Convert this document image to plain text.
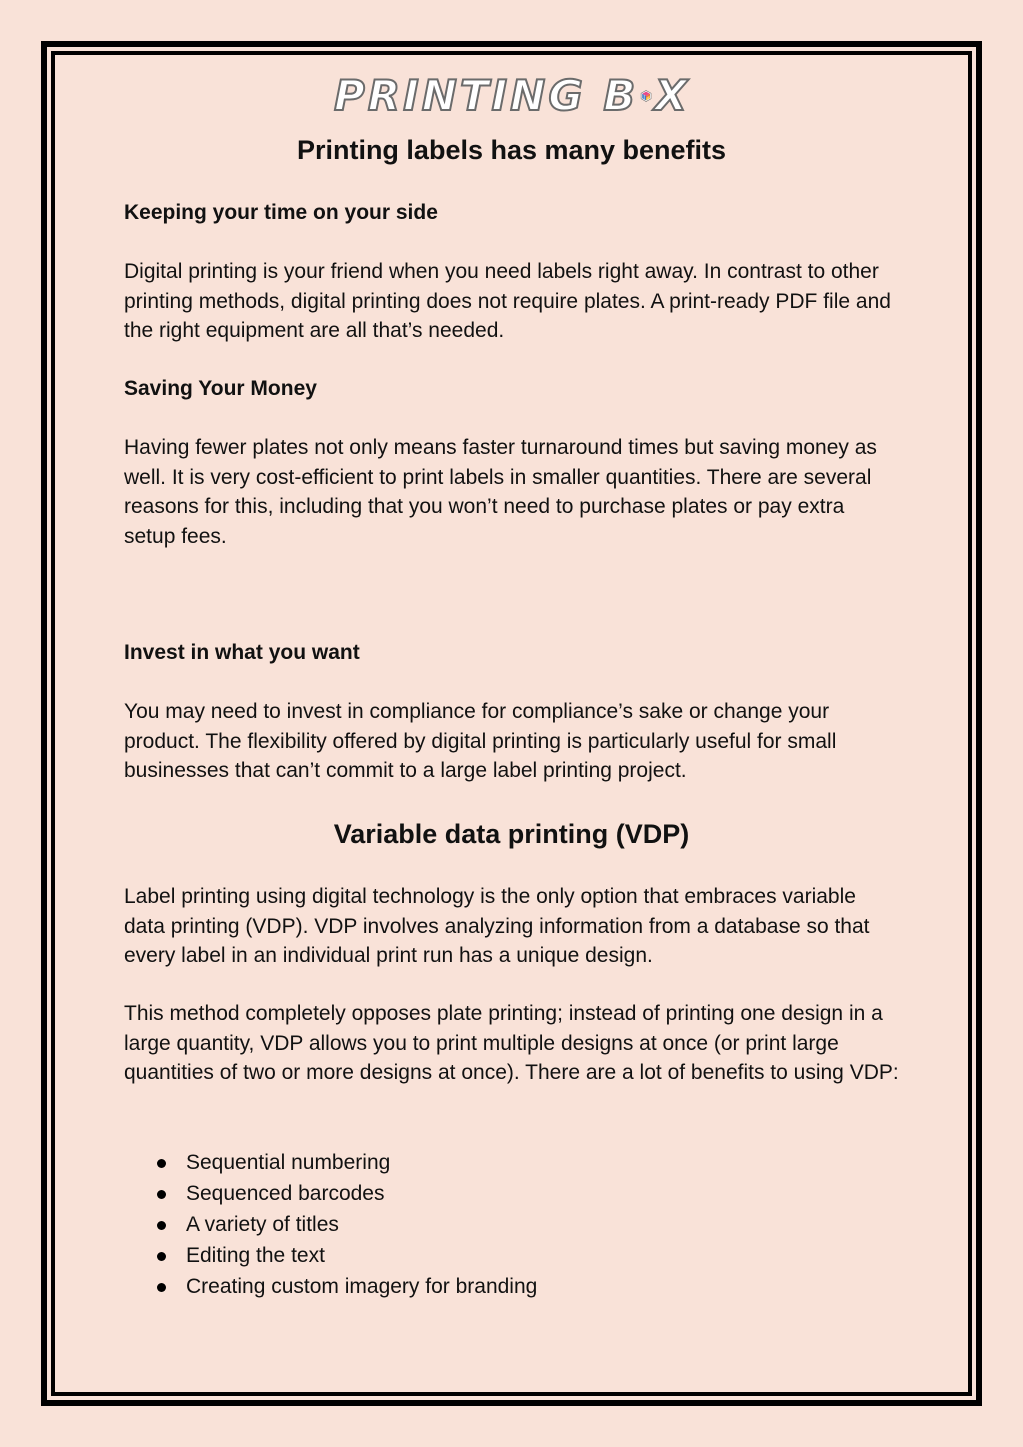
PRINTING B X
Printing labels has many benefits
Keeping your time on your side

Digital printing is your friend when you need labels right away. In contrast to other printing methods, digital printing does not require plates. A print-ready PDF file and the right equipment are all that’s needed.

Saving Your Money

Having fewer plates not only means faster turnaround times but saving money as well. It is very cost-efficient to print labels in smaller quantities. There are several reasons for this, including that you won’t need to purchase plates or pay extra setup fees.

Invest in what you want

You may need to invest in compliance for compliance’s sake or change your product. The flexibility offered by digital printing is particularly useful for small businesses that can’t commit to a large label printing project.

Variable data printing (VDP)

Label printing using digital technology is the only option that embraces variable data printing (VDP). VDP involves analyzing information from a database so that every label in an individual print run has a unique design.

This method completely opposes plate printing; instead of printing one design in a large quantity, VDP allows you to print multiple designs at once (or print large quantities of two or more designs at once). There are a lot of benefits to using VDP:

Sequential numbering
Sequenced barcodes
A variety of titles
Editing the text
Creating custom imagery for branding
